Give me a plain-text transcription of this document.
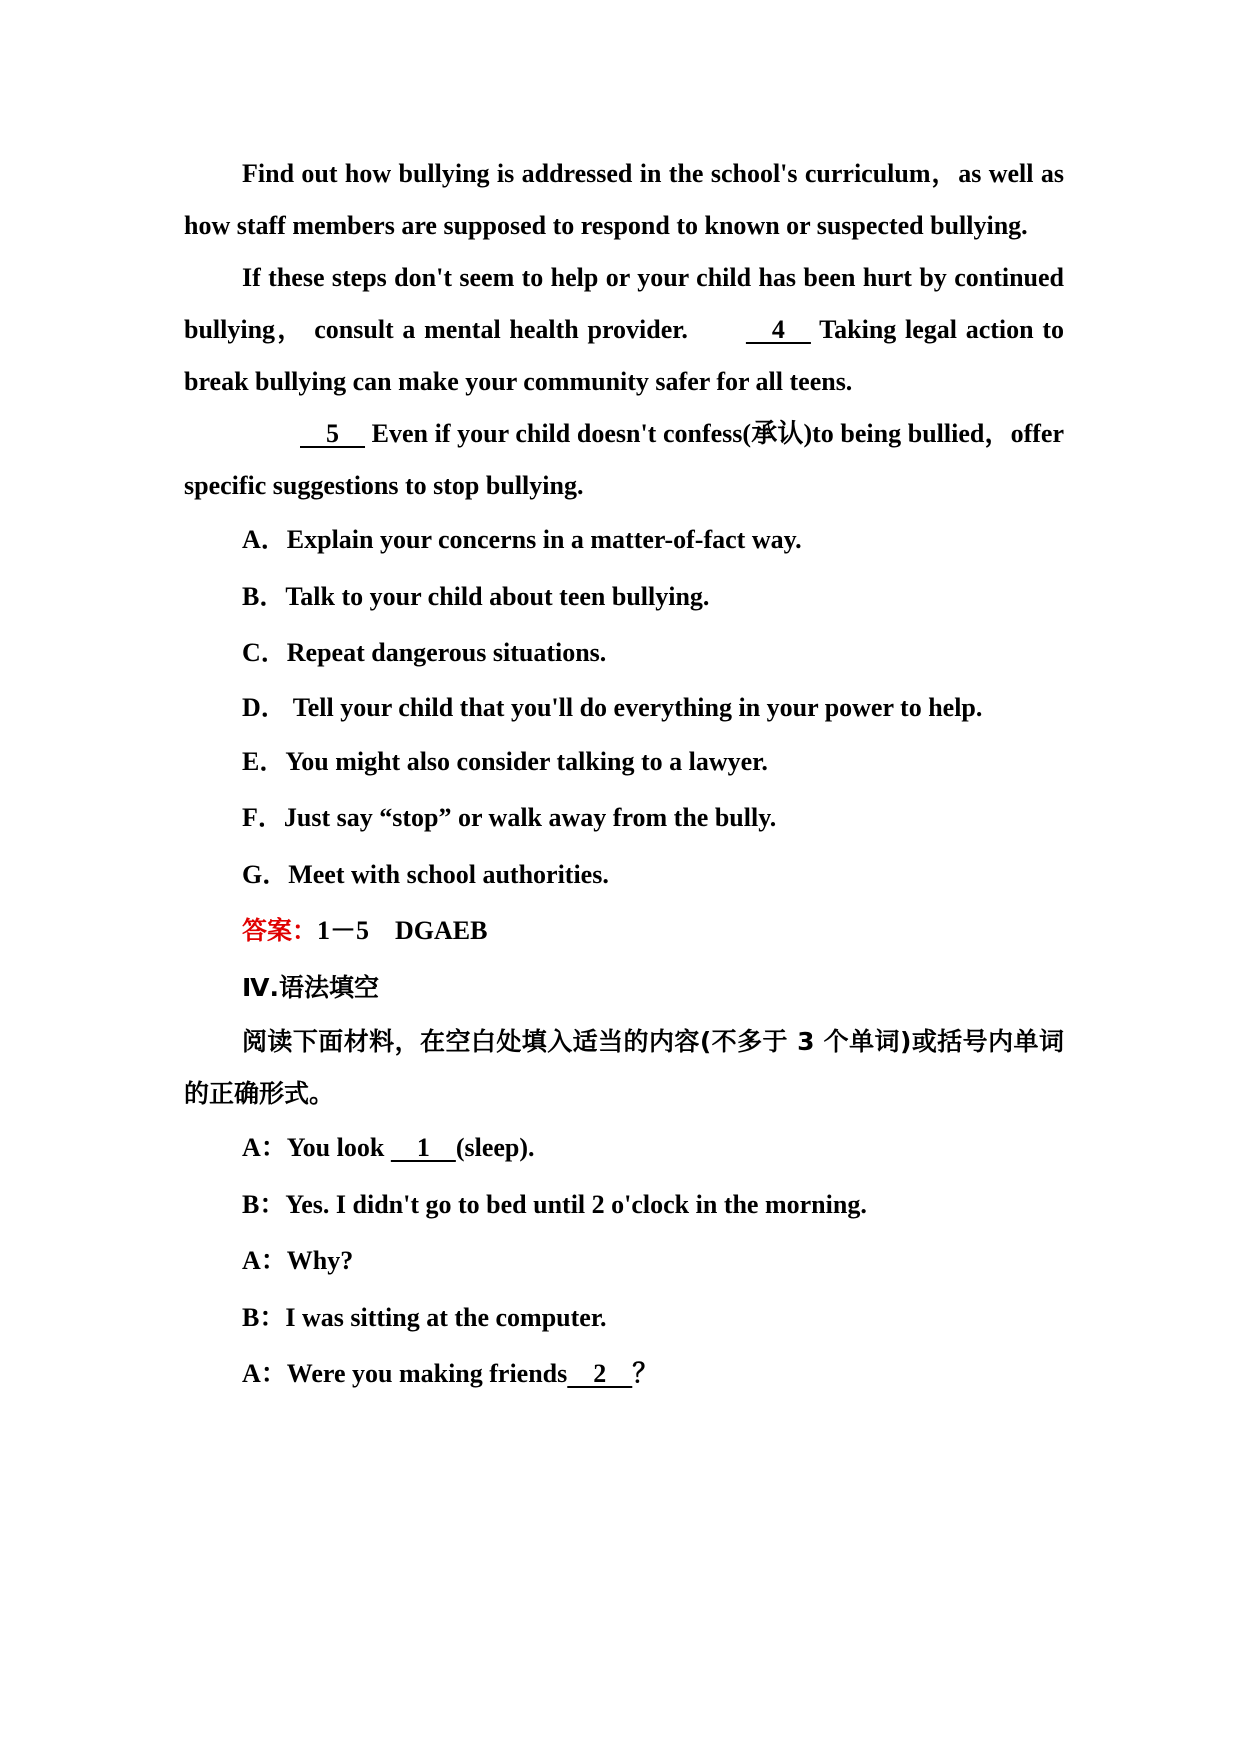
Find out how bullying is addressed in the school's curriculum，as well as how staff members are supposed to respond to known or suspected bullying.

If these steps don't seem to help or your child has been hurt by continued bullying， consult a mental health provider.　4　 Taking legal action to break bullying can make your community safer for all teens.

　5　 Even if your child doesn't confess(承认)to being bullied，offer specific suggestions to stop bullying.

A．Explain your concerns in a matter-of-fact way.

B．Talk to your child about teen bullying.

C．Repeat dangerous situations.

D． Tell your child that you'll do everything in your power to help.

E．You might also consider talking to a lawyer.

F．Just say “stop” or walk away from the bully.

G．Meet with school authorities.

答案：1－5　DGAEB

Ⅳ.语法填空

阅读下面材料，在空白处填入适当的内容(不多于 3 个单词)或括号内单词的正确形式。

A：You look 　1　(sleep).

B：Yes. I didn't go to bed until 2 o'clock in the morning.

A：Why?

B：I was sitting at the computer.

A：Were you making friends　2　？
